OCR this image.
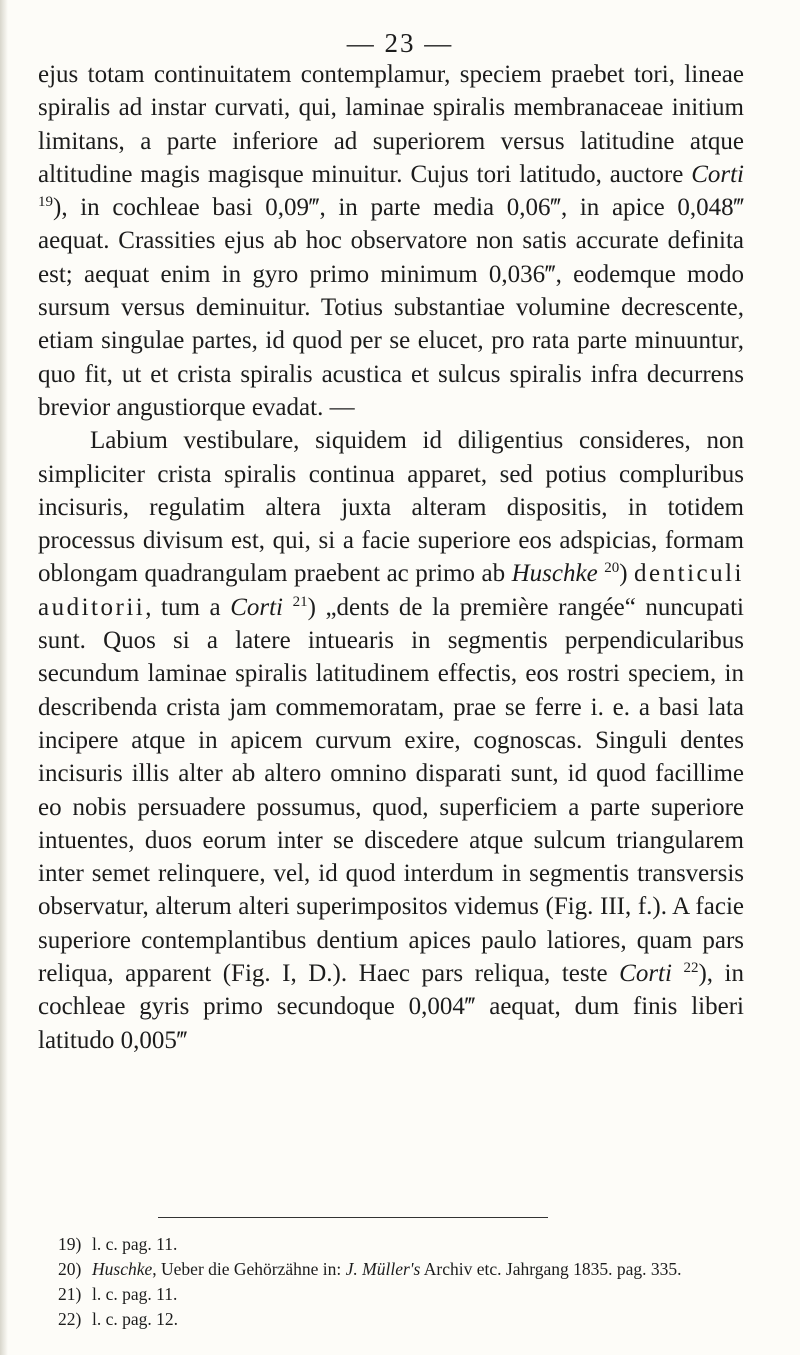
— 23 —

ejus totam continuitatem contemplamur, speciem praebet tori, lineae spiralis ad instar curvati, qui, laminae spiralis membranaceae initium limitans, a parte inferiore ad superiorem versus latitudine atque altitudine magis magisque minuitur. Cujus tori latitudo, auctore Corti $^{19}$), in cochleae basi 0,09‴, in parte media 0,06‴, in apice 0,048‴ aequat. Crassities ejus ab hoc observatore non satis accurate definita est; aequat enim in gyro primo minimum 0,036‴, eodemque modo sursum versus deminuitur. Totius substantiae volumine decrescente, etiam singulae partes, id quod per se elucet, pro rata parte minuuntur, quo fit, ut et crista spiralis acustica et sulcus spiralis infra decurrens brevior angustiorque evadat. —

Labium vestibulare, siquidem id diligentius consideres, non simpliciter crista spiralis continua apparet, sed potius compluribus incisuris, regulatim altera juxta alteram dispositis, in totidem processus divisum est, qui, si a facie superiore eos adspicias, formam oblongam quadrangulam praebent ac primo ab Huschke $^{20}$) denticuli auditorii, tum a Corti $^{21}$) „dents de la première rangée“ nuncupati sunt. Quos si a latere intuearis in segmentis perpendicularibus secundum laminae spiralis latitudinem effectis, eos rostri speciem, in describenda crista jam commemoratam, prae se ferre i. e. a basi lata incipere atque in apicem curvum exire, cognoscas. Singuli dentes incisuris illis alter ab altero omnino disparati sunt, id quod facillime eo nobis persuadere possumus, quod, superficiem a parte superiore intuentes, duos eorum inter se discedere atque sulcum triangularem inter semet relinquere, vel, id quod interdum in segmentis transversis observatur, alterum alteri superimpositos videmus (Fig. III, f.). A facie superiore contemplantibus dentium apices paulo latiores, quam pars reliqua, apparent (Fig. I, D.). Haec pars reliqua, teste Corti $^{22}$), in cochleae gyris primo secundoque 0,004‴ aequat, dum finis liberi latitudo 0,005‴

19) l. c. pag. 11.

20) Huschke, Ueber die Gehörzähne in: J. Müller's Archiv etc. Jahrgang 1835. pag. 335.

21) l. c. pag. 11.

22) l. c. pag. 12.
